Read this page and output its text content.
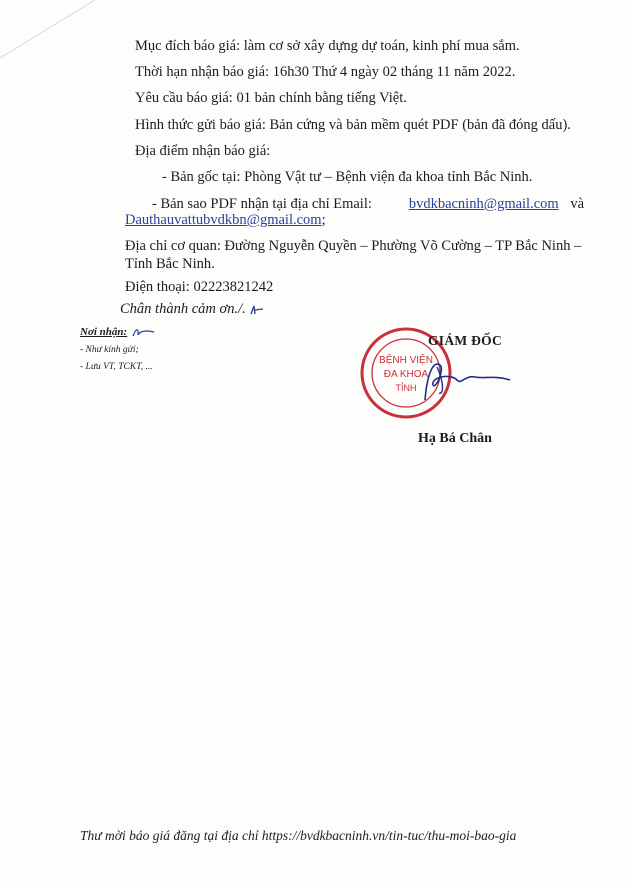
Mục đích báo giá: làm cơ sở xây dựng dự toán, kinh phí mua sắm.
Thời hạn nhận báo giá: 16h30 Thứ 4 ngày 02 tháng 11 năm 2022.
Yêu cầu báo giá: 01 bản chính bằng tiếng Việt.
Hình thức gửi báo giá: Bản cứng và bản mềm quét PDF (bản đã đóng dấu).
Địa điểm nhận báo giá:
- Bản gốc tại: Phòng Vật tư – Bệnh viện đa khoa tỉnh Bắc Ninh.
- Bản sao PDF nhận tại địa chỉ Email:	bvdkbacninh@gmail.com và
Dauthauvattubvdkbn@gmail.com;
Địa chỉ cơ quan: Đường Nguyễn Quyền – Phường Võ Cường – TP Bắc Ninh –
Tỉnh Bắc Ninh.
Điện thoại: 02223821242
Chân thành cảm ơn./.
Nơi nhận:
- Như kính gửi;
- Lưu VT, TCKT, ...
BỆNH VIỆN
ĐA KHOA
TỈNH
GIÁM ĐỐC
Hạ Bá Chân
Thư mời báo giá đăng tại địa chỉ https://bvdkbacninh.vn/tin-tuc/thu-moi-bao-gia
